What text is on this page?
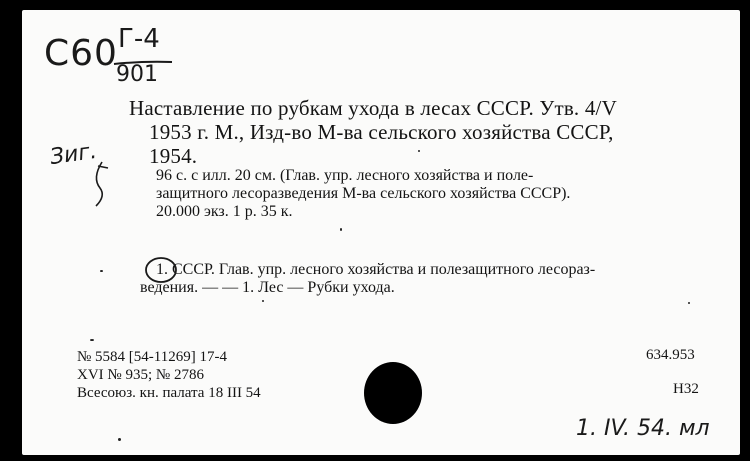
С60 Г-4
901
Зиг.
Наставление по рубкам ухода в лесах СССР. Утв. 4/V
1953 г. М., Изд-во М-ва сельского хозяйства СССР,
1954.
96 с. с илл. 20 см. (Глав. упр. лесного хозяйства и поле-
защитного лесоразведения М-ва сельского хозяйства СССР).
20.000 экз. 1 р. 35 к.
1. СССР. Глав. упр. лесного хозяйства и полезащитного лесораз-
ведения. — — 1. Лес — Рубки ухода.
№ 5584 [54-11269] 17-4
XVI № 935; № 2786
Всесоюз. кн. палата 18 III 54
634.953
Н32
1. IV. 54. мл
